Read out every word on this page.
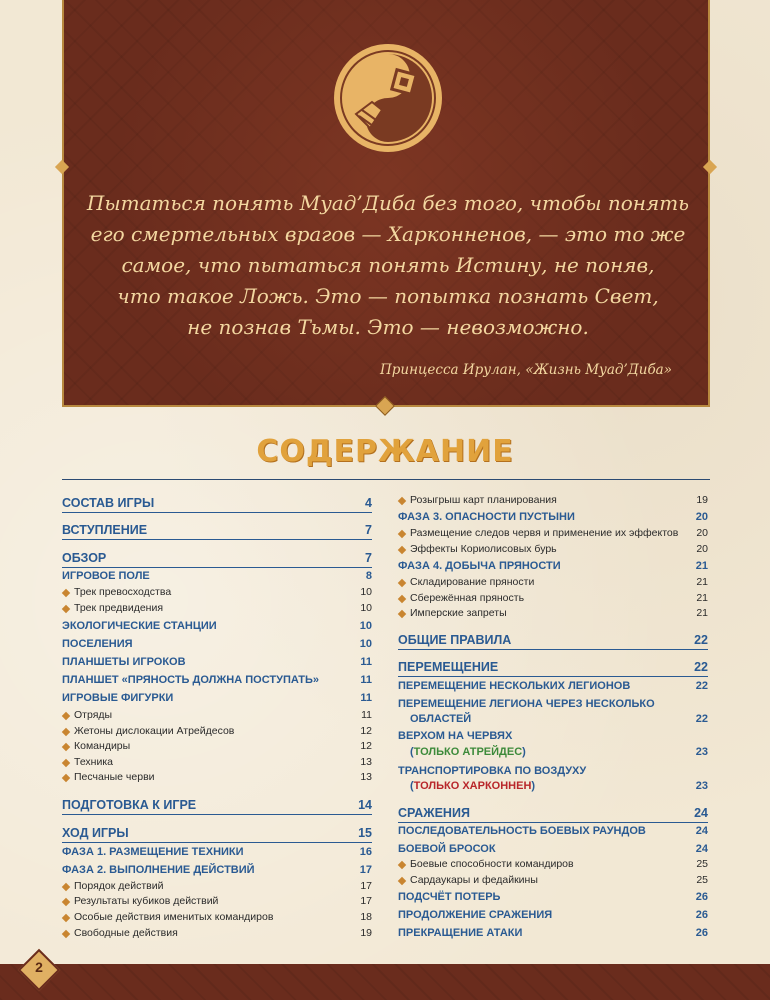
Пытаться понять Муад’Диба без того, чтобы понять
его смертельных врагов — Харконненов, — это то же
самое, что пытаться понять Истину, не поняв,
что такое Ложь. Это — попытка познать Свет,
не познав Тьмы. Это — невозможно.
Принцесса Ирулан, «Жизнь Муад’Диба»
СОДЕРЖАНИЕ
СОСТАВ ИГРЫ	4
ВСТУПЛЕНИЕ	7
ОБЗОР	7
ИГРОВОЕ ПОЛЕ	8
Трек превосходства	10
Трек предвидения	10
ЭКОЛОГИЧЕСКИЕ СТАНЦИИ	10
ПОСЕЛЕНИЯ	10
ПЛАНШЕТЫ ИГРОКОВ	11
ПЛАНШЕТ «ПРЯНОСТЬ ДОЛЖНА ПОСТУПАТЬ»	11
ИГРОВЫЕ ФИГУРКИ	11
Отряды	11
Жетоны дислокации Атрейдесов	12
Командиры	12
Техника	13
Песчаные черви	13
ПОДГОТОВКА К ИГРЕ	14
ХОД ИГРЫ	15
ФАЗА 1. РАЗМЕЩЕНИЕ ТЕХНИКИ	16
ФАЗА 2. ВЫПОЛНЕНИЕ ДЕЙСТВИЙ	17
Порядок действий	17
Результаты кубиков действий	17
Особые действия именитых командиров	18
Свободные действия	19
Розыгрыш карт планирования	19
ФАЗА 3. ОПАСНОСТИ ПУСТЫНИ	20
Размещение следов червя и применение их эффектов 20
Эффекты Кориолисовых бурь	20
ФАЗА 4. ДОБЫЧА ПРЯНОСТИ	21
Складирование пряности	21
Сбережённая пряность	21
Имперские запреты	21
ОБЩИЕ ПРАВИЛА	22
ПЕРЕМЕЩЕНИЕ	22
ПЕРЕМЕЩЕНИЕ НЕСКОЛЬКИХ ЛЕГИОНОВ	22
ПЕРЕМЕЩЕНИЕ ЛЕГИОНА ЧЕРЕЗ НЕСКОЛЬКО
ОБЛАСТЕЙ	22
ВЕРХОМ НА ЧЕРВЯХ
(ТОЛЬКО АТРЕЙДЕС)	23
ТРАНСПОРТИРОВКА ПО ВОЗДУХУ
(ТОЛЬКО ХАРКОННЕН)	23
СРАЖЕНИЯ	24
ПОСЛЕДОВАТЕЛЬНОСТЬ БОЕВЫХ РАУНДОВ	24
БОЕВОЙ БРОСОК	24
Боевые способности командиров	25
Сардаукары и федайкины	25
ПОДСЧЁТ ПОТЕРЬ	26
ПРОДОЛЖЕНИЕ СРАЖЕНИЯ	26
ПРЕКРАЩЕНИЕ АТАКИ	26
2
